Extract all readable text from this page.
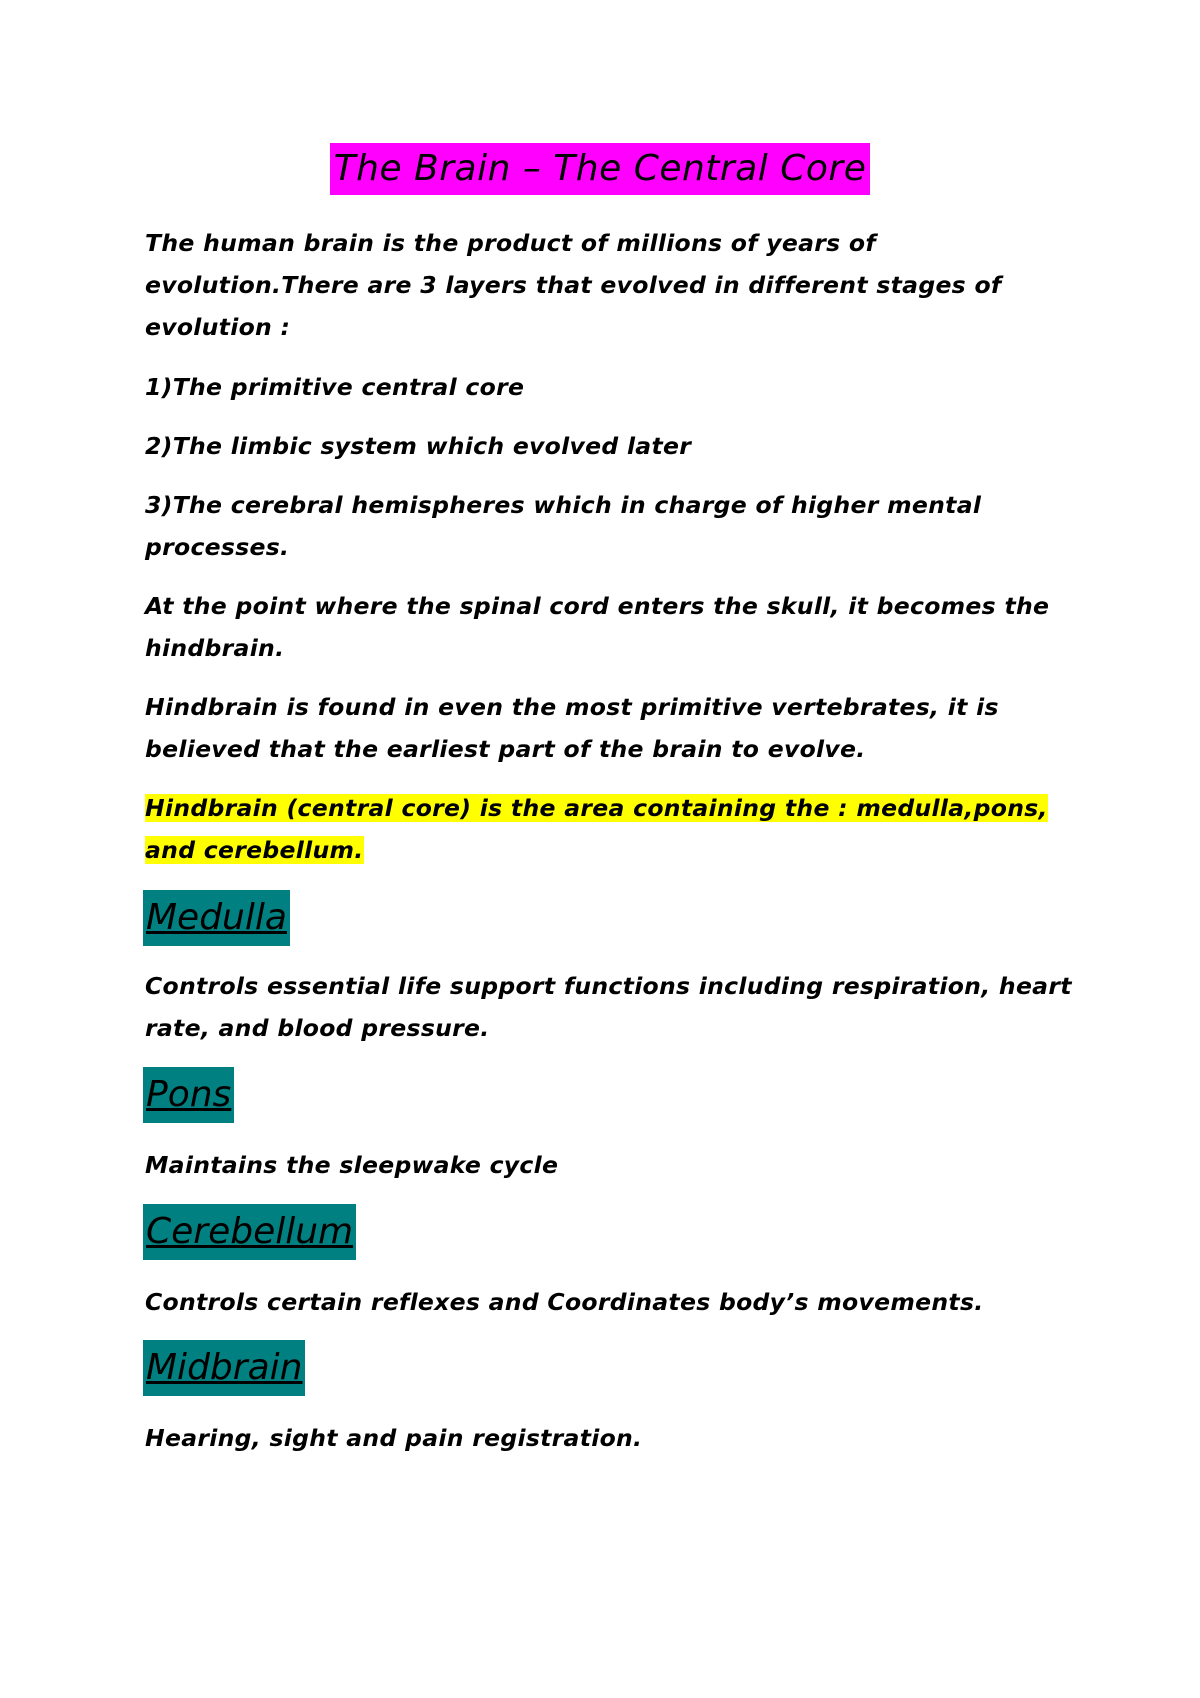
The Brain – The Central Core

The human brain is the product of millions of years of evolution.There are 3 layers that evolved in different stages of evolution :

1)The primitive central core

2)The limbic system which evolved later

3)The cerebral hemispheres which in charge of higher mental processes.

At the point where the spinal cord enters the skull, it becomes the hindbrain.

Hindbrain is found in even the most primitive vertebrates, it is believed that the earliest part of the brain to evolve.

Hindbrain (central core) is the area containing the : medulla,pons, and cerebellum.

Medulla

Controls essential life support functions including respiration, heart rate, and blood pressure.

Pons

Maintains the sleepwake cycle

Cerebellum

Controls certain reflexes and Coordinates body’s movements.

Midbrain

Hearing, sight and pain registration.
